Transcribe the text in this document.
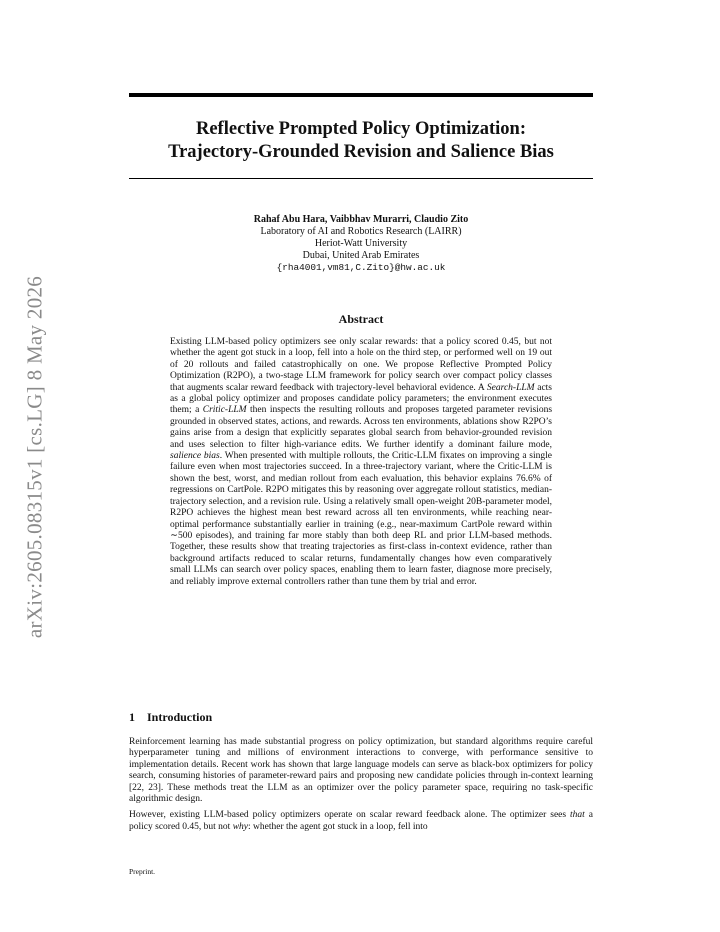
arXiv:2605.08315v1 [cs.LG] 8 May 2026
Reflective Prompted Policy Optimization:
Trajectory-Grounded Revision and Salience Bias
Rahaf Abu Hara, Vaibbhav Murarri, Claudio Zito
Laboratory of AI and Robotics Research (LAIRR)
Heriot-Watt University
Dubai, United Arab Emirates
{rha4001,vm81,C.Zito}@hw.ac.uk
Abstract
Existing LLM-based policy optimizers see only scalar rewards: that a policy scored 0.45, but not whether the agent got stuck in a loop, fell into a hole on the third step, or performed well on 19 out of 20 rollouts and failed catastrophically on one. We propose Reflective Prompted Policy Optimization (R2PO), a two-stage LLM framework for policy search over compact policy classes that augments scalar reward feedback with trajectory-level behavioral evidence. A Search-LLM acts as a global policy optimizer and proposes candidate policy parameters; the environment executes them; a Critic-LLM then inspects the resulting rollouts and proposes targeted parameter revisions grounded in observed states, actions, and rewards. Across ten environments, ablations show R2PO’s gains arise from a design that explicitly separates global search from behavior-grounded revision and uses selection to filter high-variance edits. We further identify a dominant failure mode, salience bias. When presented with multiple rollouts, the Critic-LLM fixates on improving a single failure even when most trajectories succeed. In a three-trajectory variant, where the Critic-LLM is shown the best, worst, and median rollout from each evaluation, this behavior explains 76.6% of regressions on CartPole. R2PO mitigates this by reasoning over aggregate rollout statistics, median-trajectory selection, and a revision rule. Using a relatively small open-weight 20B-parameter model, R2PO achieves the highest mean best reward across all ten environments, while reaching near-optimal performance substantially earlier in training (e.g., near-maximum CartPole reward within ∼500 episodes), and training far more stably than both deep RL and prior LLM-based methods. Together, these results show that treating trajectories as first-class in-context evidence, rather than background artifacts reduced to scalar returns, fundamentally changes how even comparatively small LLMs can search over policy spaces, enabling them to learn faster, diagnose more precisely, and reliably improve external controllers rather than tune them by trial and error.
1 Introduction

Reinforcement learning has made substantial progress on policy optimization, but standard algorithms require careful hyperparameter tuning and millions of environment interactions to converge, with performance sensitive to implementation details. Recent work has shown that large language models can serve as black-box optimizers for policy search, consuming histories of parameter-reward pairs and proposing new candidate policies through in-context learning [22, 23]. These methods treat the LLM as an optimizer over the policy parameter space, requiring no task-specific algorithmic design.

However, existing LLM-based policy optimizers operate on scalar reward feedback alone. The optimizer sees that a policy scored 0.45, but not why: whether the agent got stuck in a loop, fell into

Preprint.
